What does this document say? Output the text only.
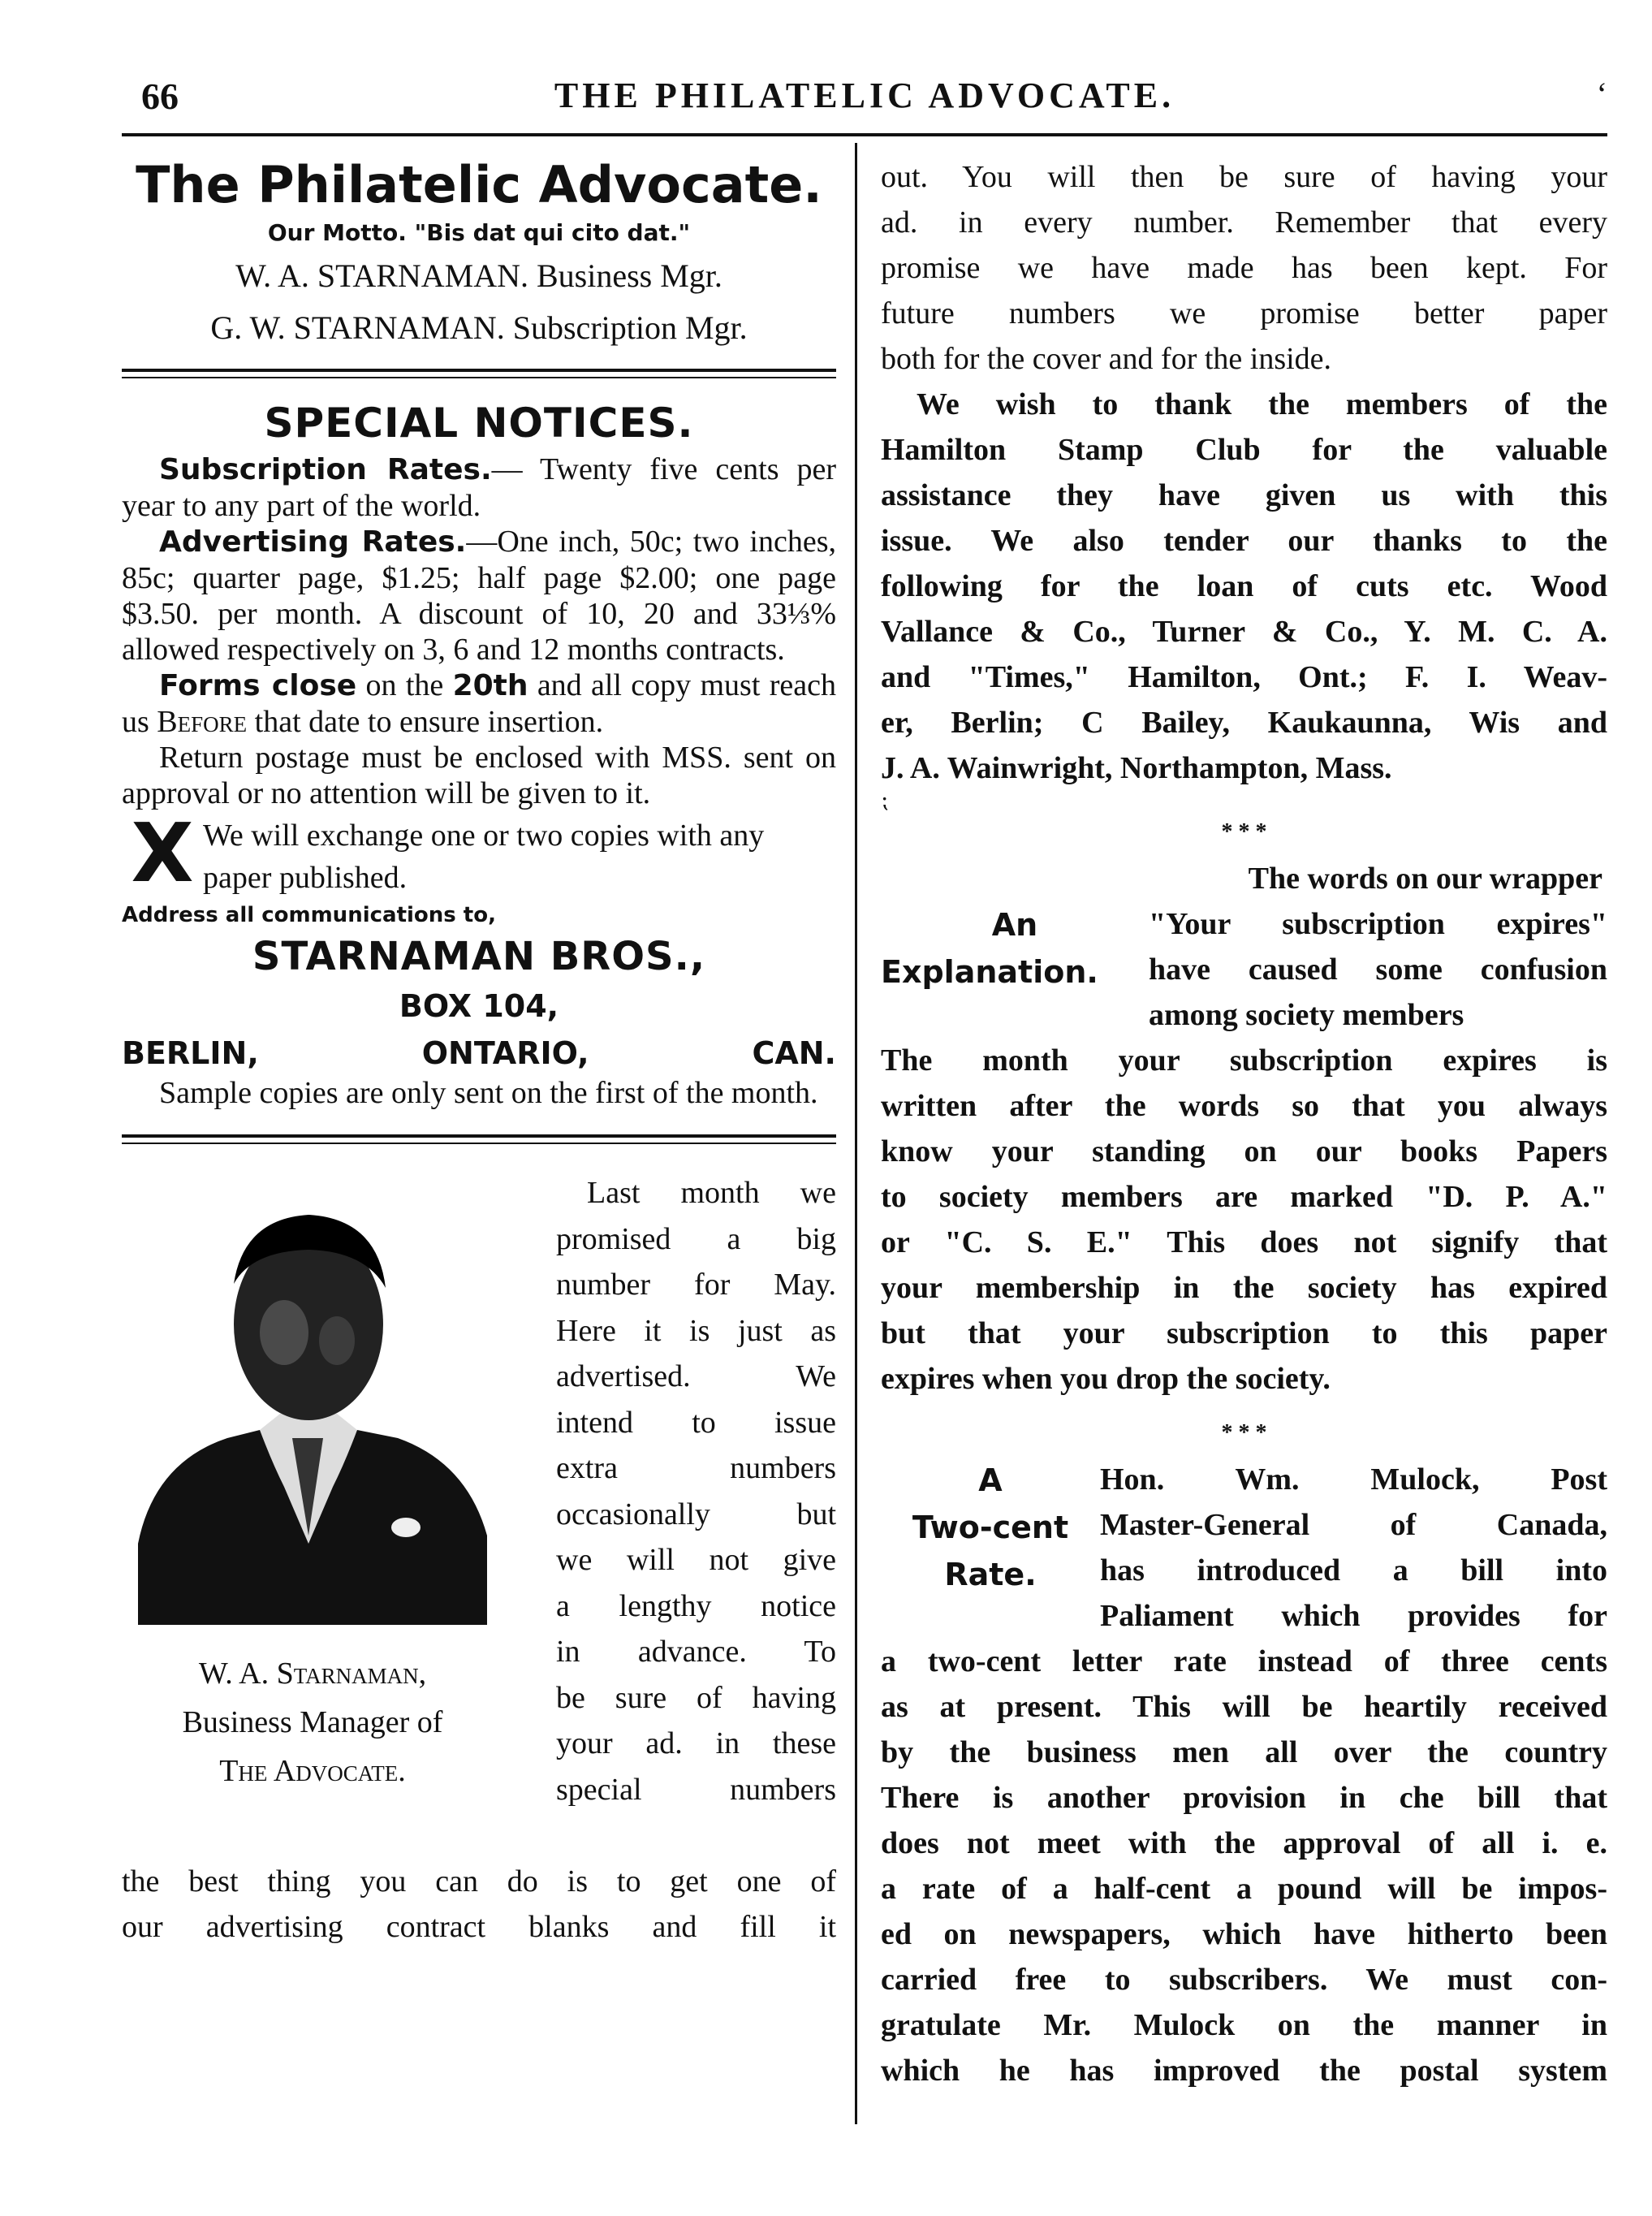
66	THE PHILATELIC ADVOCATE.	‘
The Philatelic Advocate.
Our Motto. "Bis dat qui cito dat."
W. A. STARNAMAN. Business Mgr.
G. W. STARNAMAN. Subscription Mgr.
SPECIAL NOTICES.
Subscription Rates.— Twenty five cents per year to any part of the world.
Advertising Rates.—One inch, 50c; two inches, 85c; quarter page, $1.25; half page $2.00; one page $3.50. per month. A discount of 10, 20 and 33⅓% allowed respectively on 3, 6 and 12 months contracts.
Forms close on the 20th and all copy must reach us Before that date to ensure insertion.
Return postage must be enclosed with MSS. sent on approval or no attention will be given to it.
X We will exchange one or two copies with any paper published.
Address all communications to,
STARNAMAN BROS.,
BOX 104,
BERLIN,	ONTARIO,	CAN.
Sample copies are only sent on the first of the month.
W. A. Starnaman,
Business Manager of
The Advocate.
Last month we
promised a big
number for May.
Here it is just as
advertised. We
intend to issue
extra numbers
occasionally but
we will not give
a lengthy notice
in advance. To
be sure of having
your ad. in these
special numbers
the best thing you can do is to get one of
our advertising contract blanks and fill it
out. You will then be sure of having your
ad. in every number. Remember that every
promise we have made has been kept. For
future numbers we promise better paper
both for the cover and for the inside.
We wish to thank the members of the
Hamilton Stamp Club for the valuable
assistance they have given us with this
issue. We also tender our thanks to the
following for the loan of cuts etc. Wood
Vallance & Co., Turner & Co., Y. M. C. A.
and "Times," Hamilton, Ont.; F. I. Weav-
er, Berlin; C Bailey, Kaukaunna, Wis and
J. A. Wainwright, Northampton, Mass.
⁏
* * *
The words on our wrapper
An
Explanation.
"Your subscription expires"
have caused some confusion
among society members
The month your subscription expires is
written after the words so that you always
know your standing on our books Papers
to society members are marked "D. P. A."
or "C. S. E." This does not signify that
your membership in the society has expired
but that your subscription to this paper
expires when you drop the society.
* * *
A
Two-cent
Rate.
Hon. Wm. Mulock, Post
Master-General of Canada,
has introduced a bill into
Paliament which provides for
a two-cent letter rate instead of three cents
as at present. This will be heartily received
by the business men all over the country
There is another provision in che bill that
does not meet with the approval of all i. e.
a rate of a half-cent a pound will be impos-
ed on newspapers, which have hitherto been
carried free to subscribers. We must con-
gratulate Mr. Mulock on the manner in
which he has improved the postal system
